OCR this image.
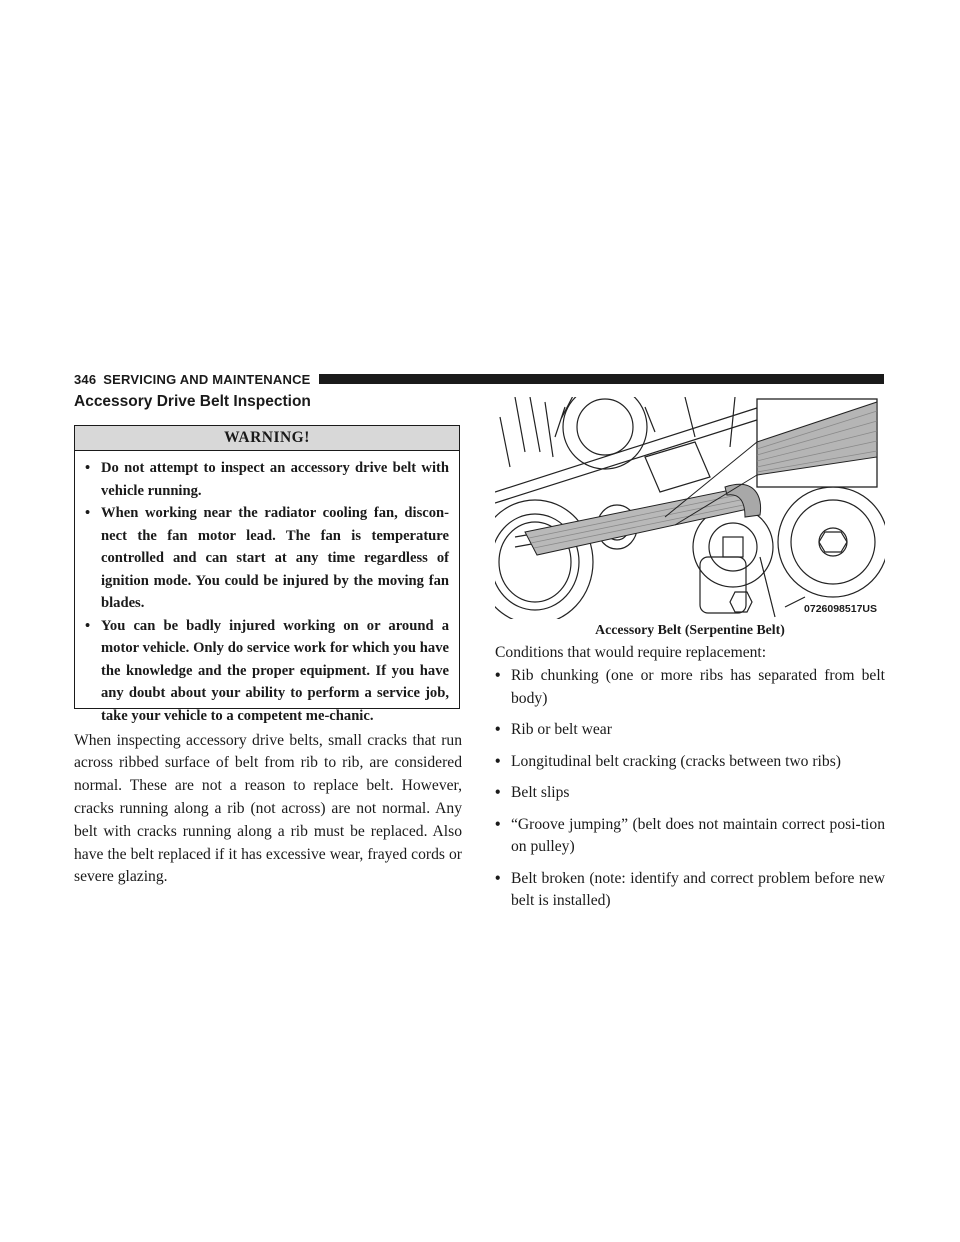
346 SERVICING AND MAINTENANCE
Accessory Drive Belt Inspection
WARNING!
• Do not attempt to inspect an accessory drive belt with vehicle running.
• When working near the radiator cooling fan, discon-nect the fan motor lead. The fan is temperature controlled and can start at any time regardless of ignition mode. You could be injured by the moving fan blades.
• You can be badly injured working on or around a motor vehicle. Only do service work for which you have the knowledge and the proper equipment. If you have any doubt about your ability to perform a service job, take your vehicle to a competent me-chanic.

When inspecting accessory drive belts, small cracks that run across ribbed surface of belt from rib to rib, are considered normal. These are not a reason to replace belt. However, cracks running along a rib (not across) are not normal. Any belt with cracks running along a rib must be replaced. Also have the belt replaced if it has excessive wear, frayed cords or severe glazing.

0726098517US
Accessory Belt (Serpentine Belt)
Conditions that would require replacement:
• Rib chunking (one or more ribs has separated from belt body)
• Rib or belt wear
• Longitudinal belt cracking (cracks between two ribs)
• Belt slips
• “Groove jumping” (belt does not maintain correct posi-tion on pulley)
• Belt broken (note: identify and correct problem before new belt is installed)
